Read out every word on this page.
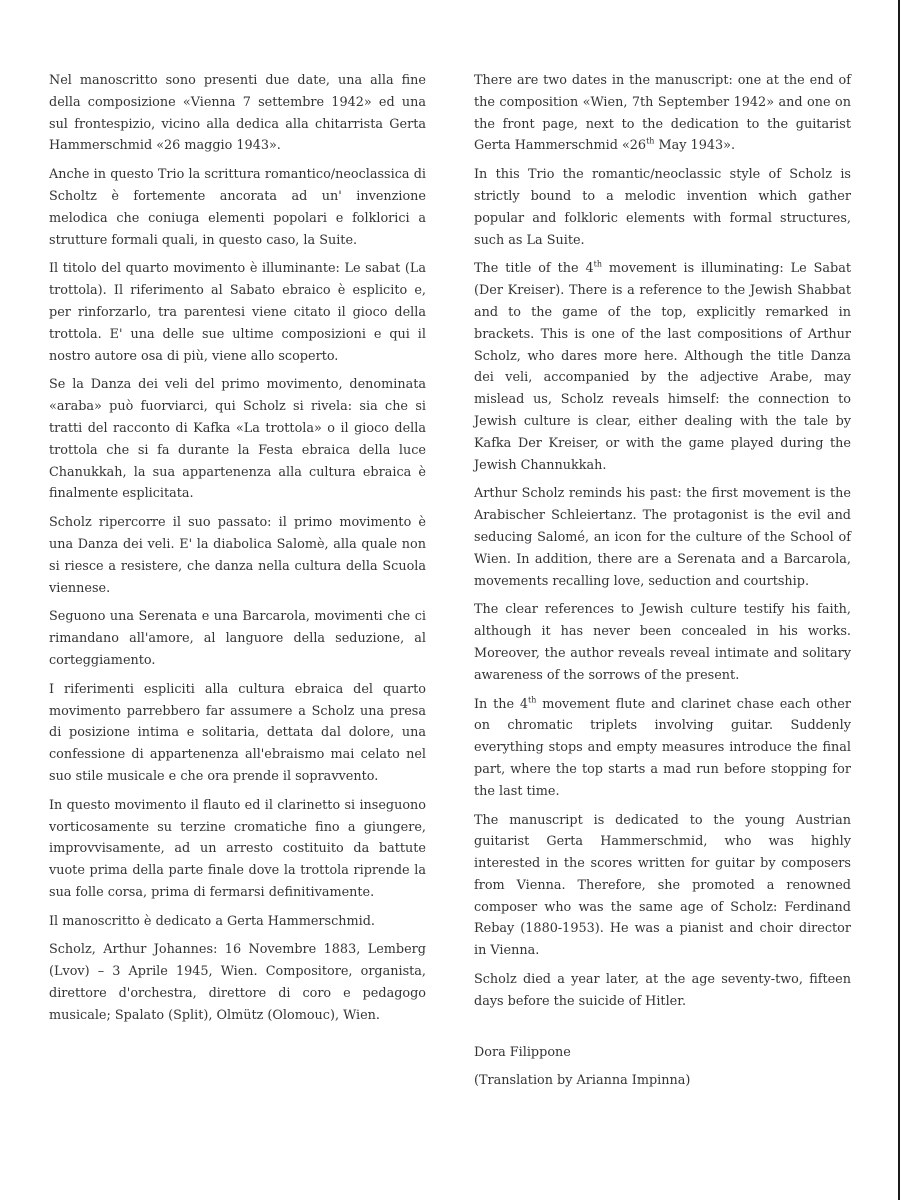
Nel manoscritto sono presenti due date, una alla fine della composizione «Vienna 7 settembre 1942» ed una sul frontespizio, vicino alla dedica alla chitarrista Gerta Hammerschmid «26 maggio 1943».

Anche in questo Trio la scrittura romantico/neoclassica di Scholtz è fortemente ancorata ad un' invenzione melodica che coniuga elementi popolari e folklorici a strutture formali quali, in questo caso, la Suite.

Il titolo del quarto movimento è illuminante: Le sabat (La trottola). Il riferimento al Sabato ebraico è esplicito e, per rinforzarlo, tra parentesi viene citato il gioco della trottola. E' una delle sue ultime composizioni e qui il nostro autore osa di più, viene allo scoperto.

Se la Danza dei veli del primo movimento, denominata «araba» può fuorviarci, qui Scholz si rivela: sia che si tratti del racconto di Kafka «La trottola» o il gioco della trottola che si fa durante la Festa ebraica della luce Chanukkah, la sua appartenenza alla cultura ebraica è finalmente esplicitata.

Scholz ripercorre il suo passato: il primo movimento è una Danza dei veli. E' la diabolica Salomè, alla quale non si riesce a resistere, che danza nella cultura della Scuola viennese.

Seguono una Serenata e una Barcarola, movimenti che ci rimandano all'amore, al languore della seduzione, al corteggiamento.

I riferimenti espliciti alla cultura ebraica del quarto movimento parrebbero far assumere a Scholz una presa di posizione intima e solitaria, dettata dal dolore, una confessione di appartenenza all'ebraismo mai celato nel suo stile musicale e che ora prende il sopravvento.

In questo movimento il flauto ed il clarinetto si inseguono vorticosamente su terzine cromatiche fino a giungere, improvvisamente, ad un arresto costituito da battute vuote prima della parte finale dove la trottola riprende la sua folle corsa, prima di fermarsi definitivamente.

Il manoscritto è dedicato a Gerta Hammerschmid.

Scholz, Arthur Johannes: 16 Novembre 1883, Lemberg (Lvov) – 3 Aprile 1945, Wien. Compositore, organista, direttore d'orchestra, direttore di coro e pedagogo musicale; Spalato (Split), Olmütz (Olomouc), Wien.

There are two dates in the manuscript: one at the end of the composition «Wien, 7th September 1942» and one on the front page, next to the dedication to the guitarist Gerta Hammerschmid «26th May 1943».

In this Trio the romantic/neoclassic style of Scholz is strictly bound to a melodic invention which gather popular and folkloric elements with formal structures, such as La Suite.

The title of the 4th movement is illuminating: Le Sabat (Der Kreiser). There is a reference to the Jewish Shabbat and to the game of the top, explicitly remarked in brackets. This is one of the last compositions of Arthur Scholz, who dares more here. Although the title Danza dei veli, accompanied by the adjective Arabe, may mislead us, Scholz reveals himself: the connection to Jewish culture is clear, either dealing with the tale by Kafka Der Kreiser, or with the game played during the Jewish Channukkah.

Arthur Scholz reminds his past: the first movement is the Arabischer Schleiertanz. The protagonist is the evil and seducing Salomé, an icon for the culture of the School of Wien. In addition, there are a Serenata and a Barcarola, movements recalling love, seduction and courtship.

The clear references to Jewish culture testify his faith, although it has never been concealed in his works. Moreover, the author reveals reveal intimate and solitary awareness of the sorrows of the present.

In the 4th movement flute and clarinet chase each other on chromatic triplets involving guitar. Suddenly everything stops and empty measures introduce the final part, where the top starts a mad run before stopping for the last time.

The manuscript is dedicated to the young Austrian guitarist Gerta Hammerschmid, who was highly interested in the scores written for guitar by composers from Vienna. Therefore, she promoted a renowned composer who was the same age of Scholz: Ferdinand Rebay (1880-1953). He was a pianist and choir director in Vienna.

Scholz died a year later, at the age seventy-two, fifteen days before the suicide of Hitler.

Dora Filippone

(Translation by Arianna Impinna)
